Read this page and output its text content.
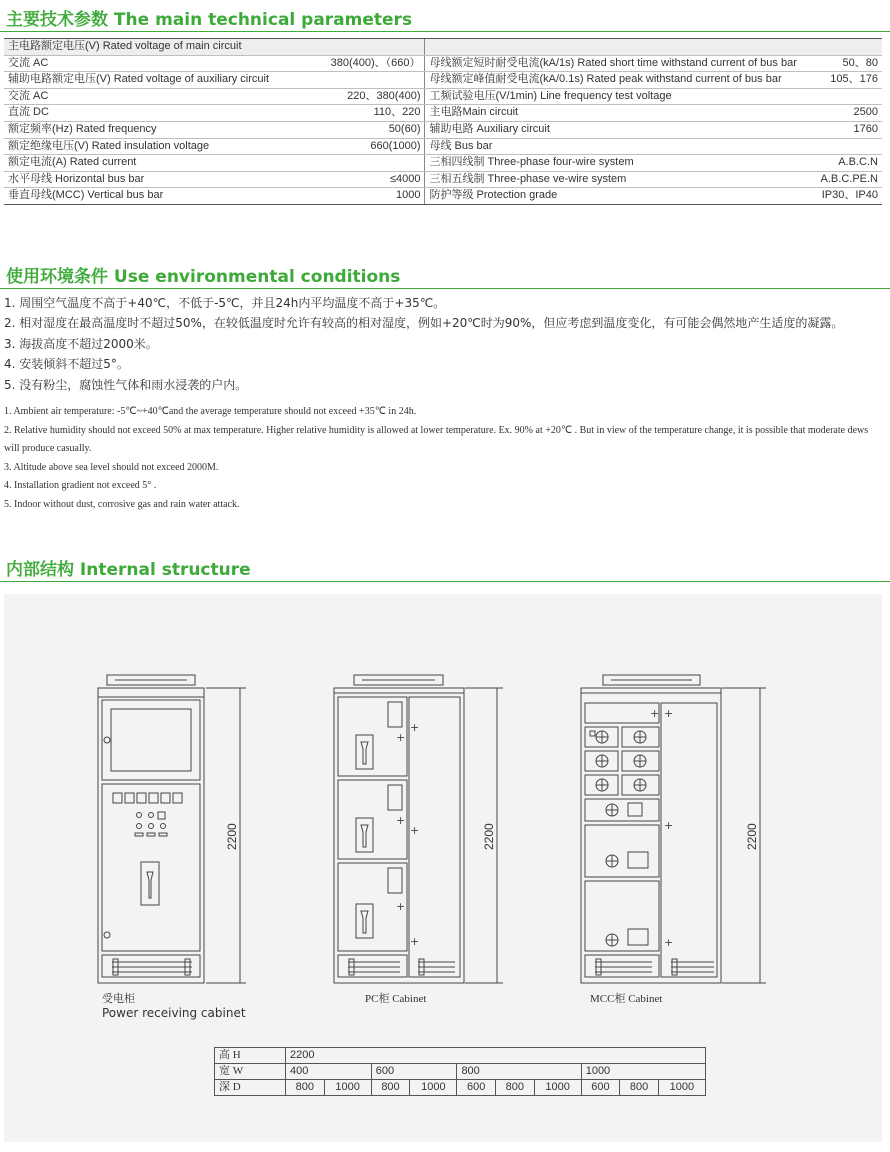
主要技术参数 The main technical parameters
主电路额定电压(V) Rated voltage of main circuit			
交流 AC	380(400)、（660）	母线额定短时耐受电流(kA/1s) Rated short time withstand current of bus bar	50、80
辅助电路额定电压(V) Rated voltage of auxiliary circuit		母线额定峰值耐受电流(kA/0.1s) Rated peak withstand current of bus bar	105、176
交流 AC	220、380(400)	工频试验电压(V/1min) Line frequency test voltage	
直流 DC	110、220	主电路Main circuit	2500
额定频率(Hz) Rated frequency	50(60)	辅助电路 Auxiliary circuit	1760
额定绝缘电压(V) Rated insulation voltage	660(1000)	母线 Bus bar	
额定电流(A) Rated current		三相四线制 Three-phase four-wire system	A.B.C.N
水平母线 Horizontal bus bar	≤4000	三相五线制 Three-phase ve-wire system	A.B.C.PE.N
垂直母线(MCC) Vertical bus bar	1000	防护等级 Protection grade	IP30、IP40
使用环境条件 Use environmental conditions
1. 周围空气温度不高于+40℃，不低于-5℃，并且24h内平均温度不高于+35℃。
2. 相对湿度在最高温度时不超过50%，在较低温度时允许有较高的相对湿度，例如+20℃时为90%，但应考虑到温度变化，有可能会偶然地产生适度的凝露。
3. 海拔高度不超过2000米。
4. 安装倾斜不超过5°。
5. 没有粉尘，腐蚀性气体和雨水浸袭的户内。
1. Ambient air temperature: -5℃~+40℃and the average temperature should not exceed +35℃ in 24h.
2. Relative humidity should not exceed 50% at max temperature. Higher relative humidity is allowed at lower temperature. Ex. 90% at +20℃ . But in view of the temperature change, it is possible that moderate dews will produce casually.
3. Altitude above sea level should not exceed 2000M.
4. Installation gradient not exceed 5° .
5. Indoor without dust, corrosive gas and rain water attack.
内部结构 Internal structure
+
+
+
+
+
+
+ +
+
+
2200	2200	2200
受电柜
Power receiving cabinet
PC柜 Cabinet	MCC柜 Cabinet
高 H	2200									
宽 W	400		600		800			1000		
深 D	800	1000	800	1000	600	800	1000	600	800	1000
